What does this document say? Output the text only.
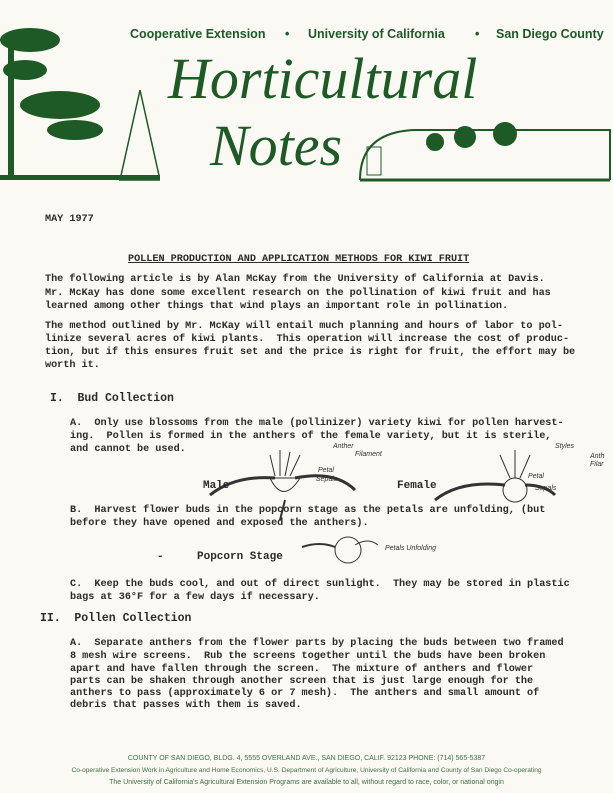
Cooperative Extension • University of California • San Diego County
Horticultural
Notes
MAY 1977
POLLEN PRODUCTION AND APPLICATION METHODS FOR KIWI FRUIT
The following article is by Alan McKay from the University of California at Davis.
Mr. McKay has done some excellent research on the pollination of kiwi fruit and has
learned among other things that wind plays an important role in pollination.
The method outlined by Mr. McKay will entail much planning and hours of labor to pol-
linize several acres of kiwi plants.  This operation will increase the cost of produc-
tion, but if this ensures fruit set and the price is right for fruit, the effort may be
worth it.
I.  Bud Collection
A.  Only use blossoms from the male (pollinizer) variety kiwi for pollen harvest-
ing.  Pollen is formed in the anthers of the female variety, but it is sterile,
and cannot be used.	Anther
Filament
Petal
Sepals
Male
Styles
Anth
Filar
Petal
Sepals
Female
B.  Harvest flower buds in the popcorn stage as the petals are unfolding, (but
before they have opened and exposed the anthers).
-	Popcorn Stage
Petals Unfolding
C.  Keep the buds cool, and out of direct sunlight.  They may be stored in plastic
bags at 36°F for a few days if necessary.
II.  Pollen Collection
A.  Separate anthers from the flower parts by placing the buds between two framed
8 mesh wire screens.  Rub the screens together until the buds have been broken
apart and have fallen through the screen.  The mixture of anthers and flower
parts can be shaken through another screen that is just large enough for the
anthers to pass (approximately 6 or 7 mesh).  The anthers and small amount of
debris that passes with them is saved.
COUNTY OF SAN DIEGO, BLDG. 4, 5555 OVERLAND AVE., SAN DIEGO, CALIF. 92123 PHONE: (714) 565-5387
Co-operative Extension Work in Agriculture and Home Economics, U.S. Department of Agriculture, University of California and County of San Diego Co-operating
The University of California's Agricultural Extension Programs are available to all, without regard to race, color, or national origin
